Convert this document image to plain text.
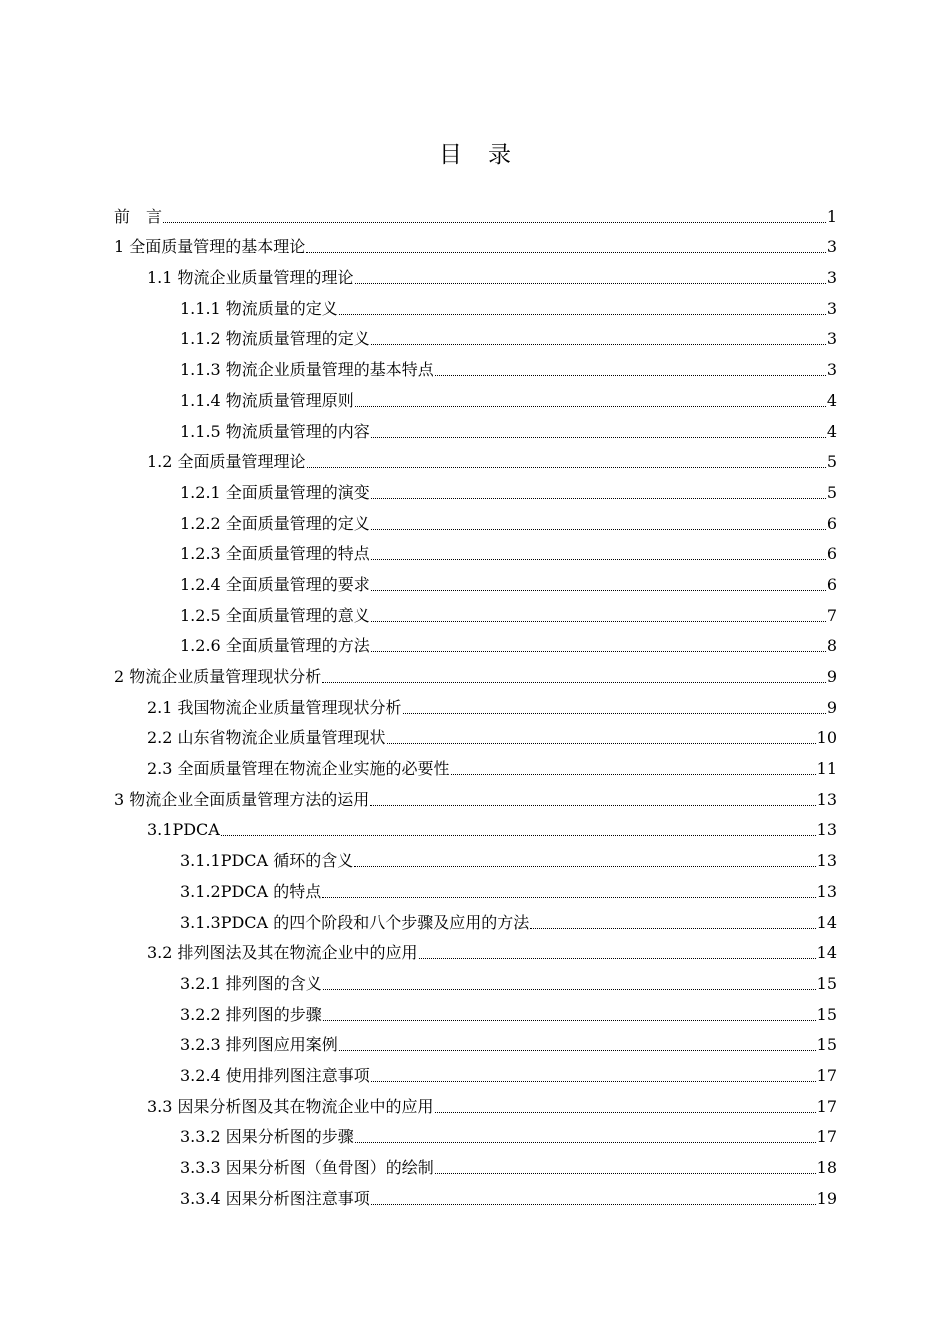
目 录
前　言	1
1 全面质量管理的基本理论	3
1.1 物流企业质量管理的理论	3
1.1.1 物流质量的定义	3
1.1.2 物流质量管理的定义	3
1.1.3 物流企业质量管理的基本特点	3
1.1.4 物流质量管理原则	4
1.1.5 物流质量管理的内容	4
1.2 全面质量管理理论	5
1.2.1 全面质量管理的演变	5
1.2.2 全面质量管理的定义	6
1.2.3 全面质量管理的特点	6
1.2.4 全面质量管理的要求	6
1.2.5 全面质量管理的意义	7
1.2.6 全面质量管理的方法	8
2 物流企业质量管理现状分析	9
2.1 我国物流企业质量管理现状分析	9
2.2 山东省物流企业质量管理现状	10
2.3 全面质量管理在物流企业实施的必要性	11
3 物流企业全面质量管理方法的运用	13
3.1PDCA	13
3.1.1PDCA 循环的含义	13
3.1.2PDCA 的特点	13
3.1.3PDCA 的四个阶段和八个步骤及应用的方法	14
3.2 排列图法及其在物流企业中的应用	14
3.2.1 排列图的含义	15
3.2.2 排列图的步骤	15
3.2.3 排列图应用案例	15
3.2.4 使用排列图注意事项	17
3.3 因果分析图及其在物流企业中的应用	17
3.3.2 因果分析图的步骤	17
3.3.3 因果分析图（鱼骨图）的绘制	18
3.3.4 因果分析图注意事项	19
